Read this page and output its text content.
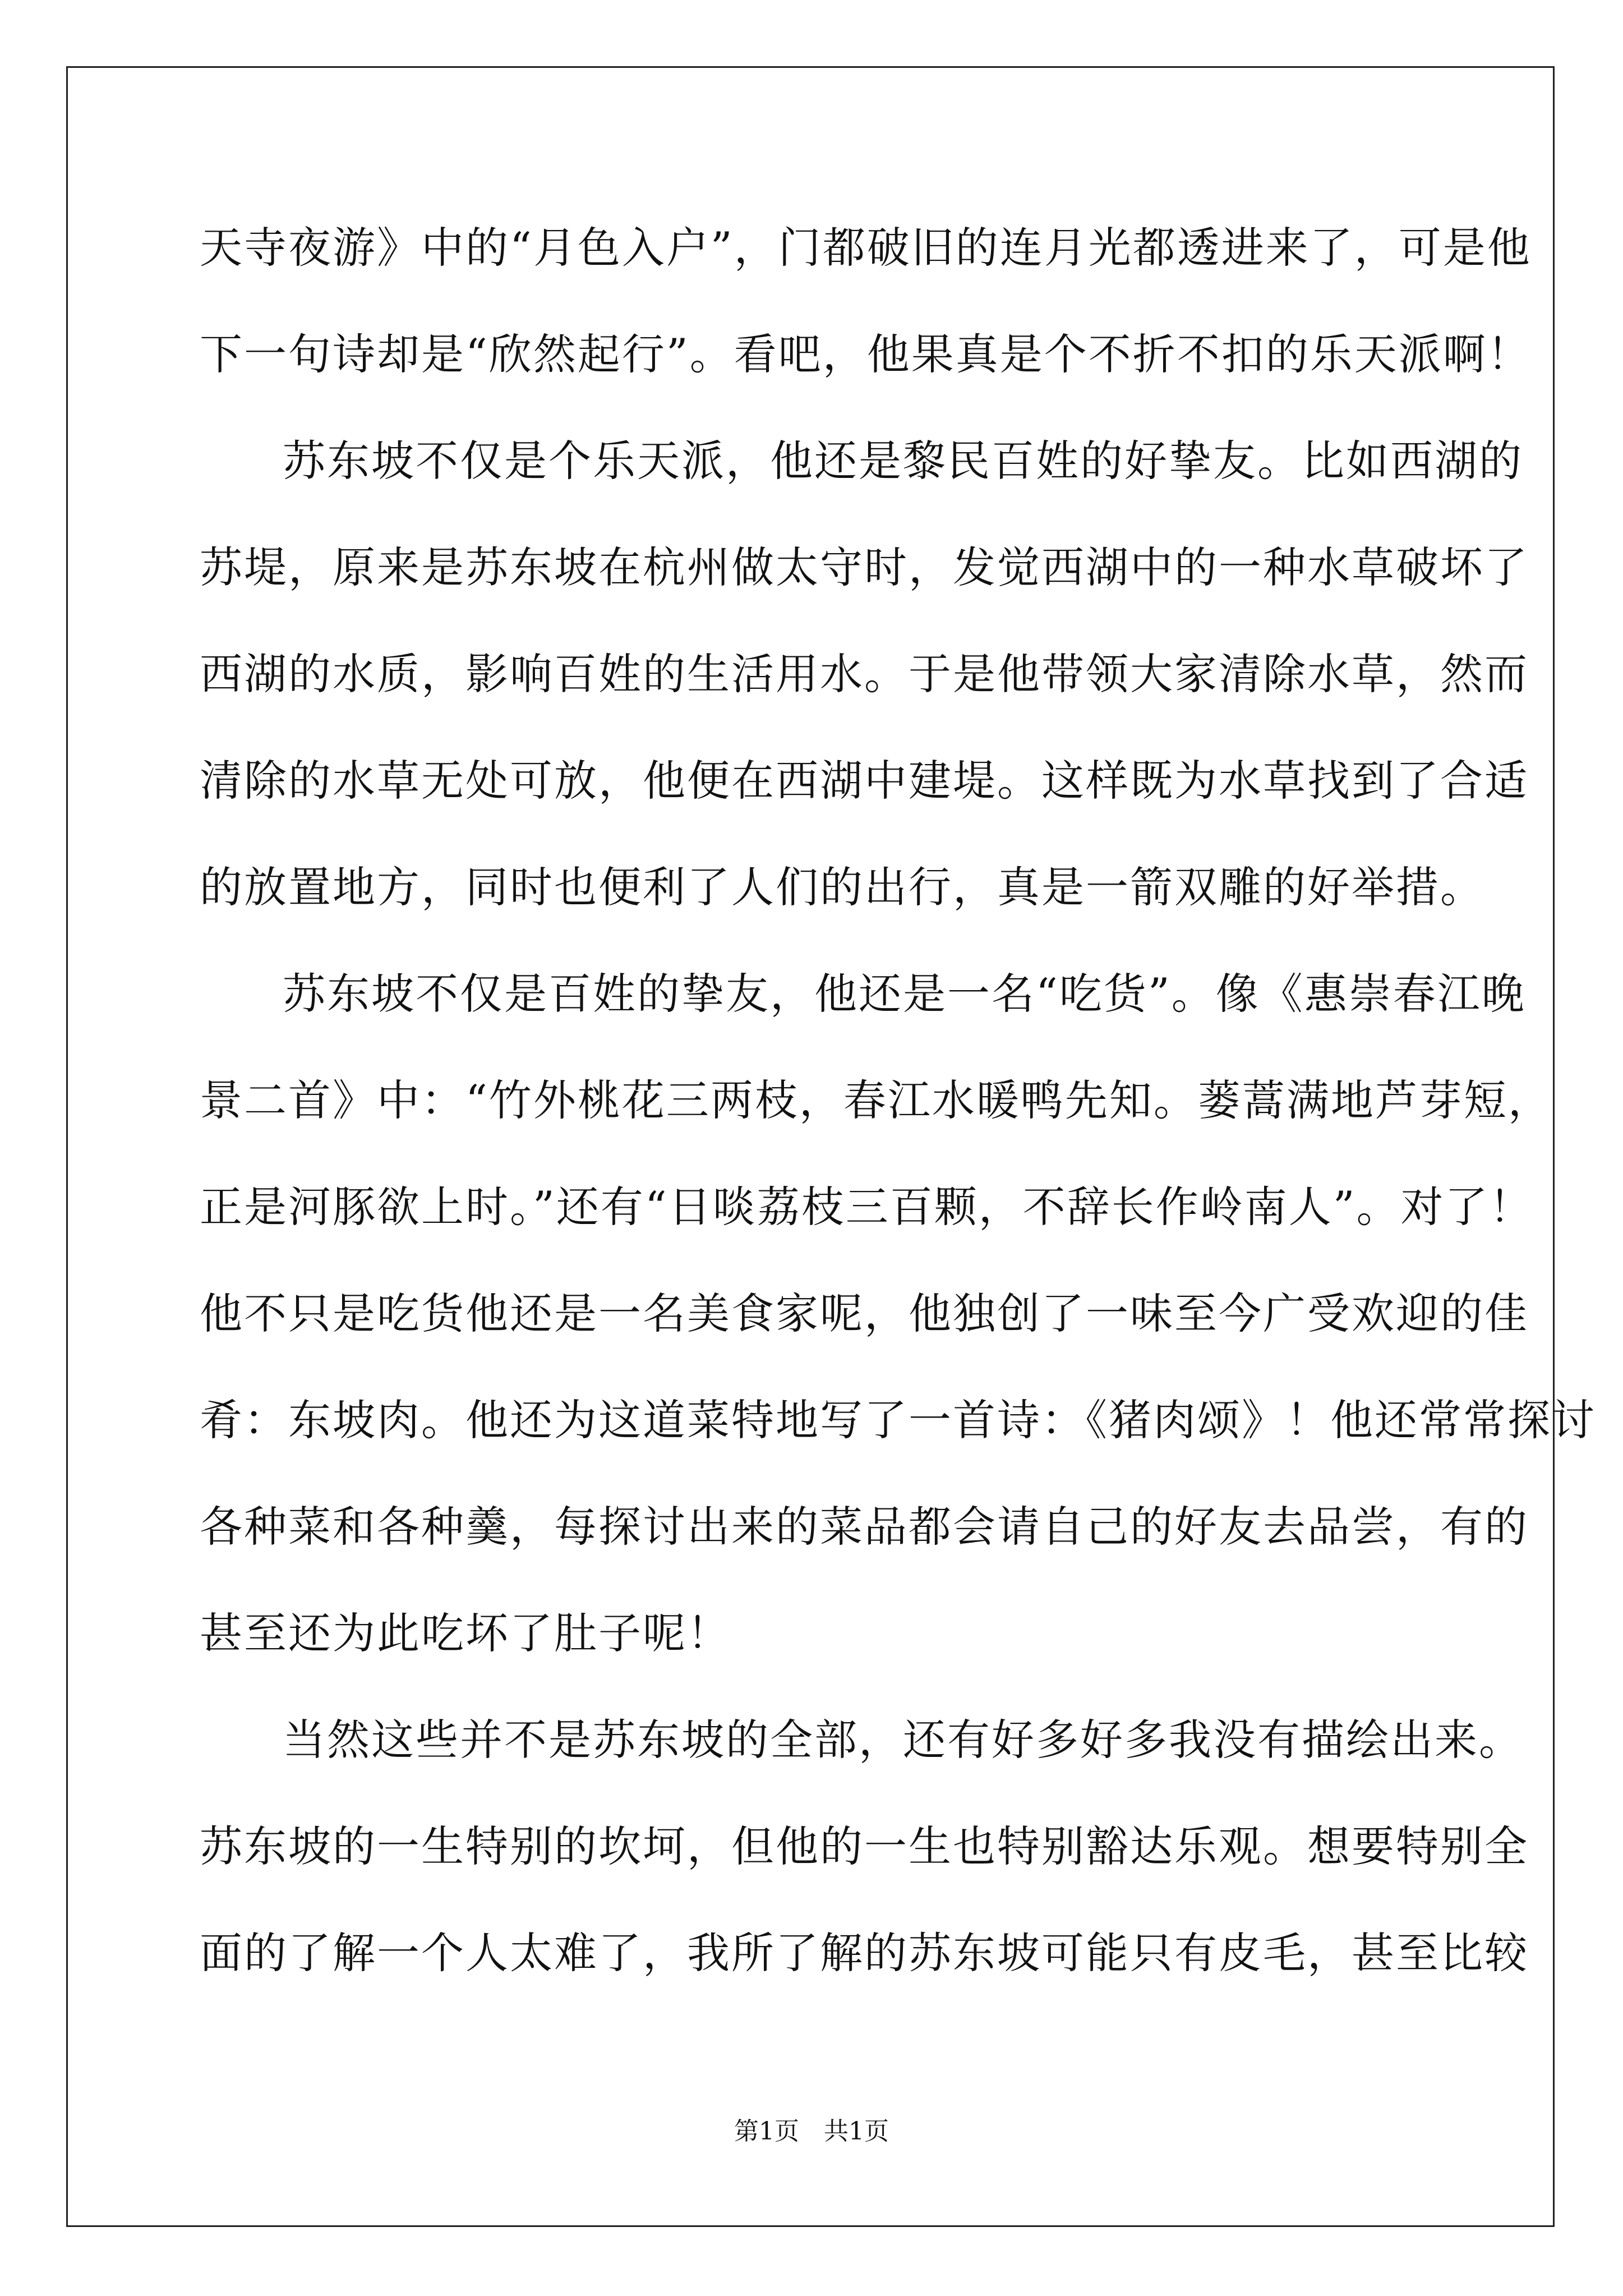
天寺夜游》中的“月色入户”，门都破旧的连月光都透进来了，可是他
下一句诗却是“欣然起行”。看吧，他果真是个不折不扣的乐天派啊！
苏东坡不仅是个乐天派，他还是黎民百姓的好挚友。比如西湖的
苏堤，原来是苏东坡在杭州做太守时，发觉西湖中的一种水草破坏了
西湖的水质，影响百姓的生活用水。于是他带领大家清除水草，然而
清除的水草无处可放，他便在西湖中建堤。这样既为水草找到了合适
的放置地方，同时也便利了人们的出行，真是一箭双雕的好举措。
苏东坡不仅是百姓的挚友，他还是一名“吃货”。像《惠崇春江晚
景二首》中：“竹外桃花三两枝，春江水暖鸭先知。蒌蒿满地芦芽短，
正是河豚欲上时。”还有“日啖荔枝三百颗，不辞长作岭南人”。对了！
他不只是吃货他还是一名美食家呢，他独创了一味至今广受欢迎的佳
肴：东坡肉。他还为这道菜特地写了一首诗：《猪肉颂》！他还常常探讨
各种菜和各种羹，每探讨出来的菜品都会请自己的好友去品尝，有的
甚至还为此吃坏了肚子呢！
当然这些并不是苏东坡的全部，还有好多好多我没有描绘出来。
苏东坡的一生特别的坎坷，但他的一生也特别豁达乐观。想要特别全
面的了解一个人太难了，我所了解的苏东坡可能只有皮毛，甚至比较
第1页 共1页
